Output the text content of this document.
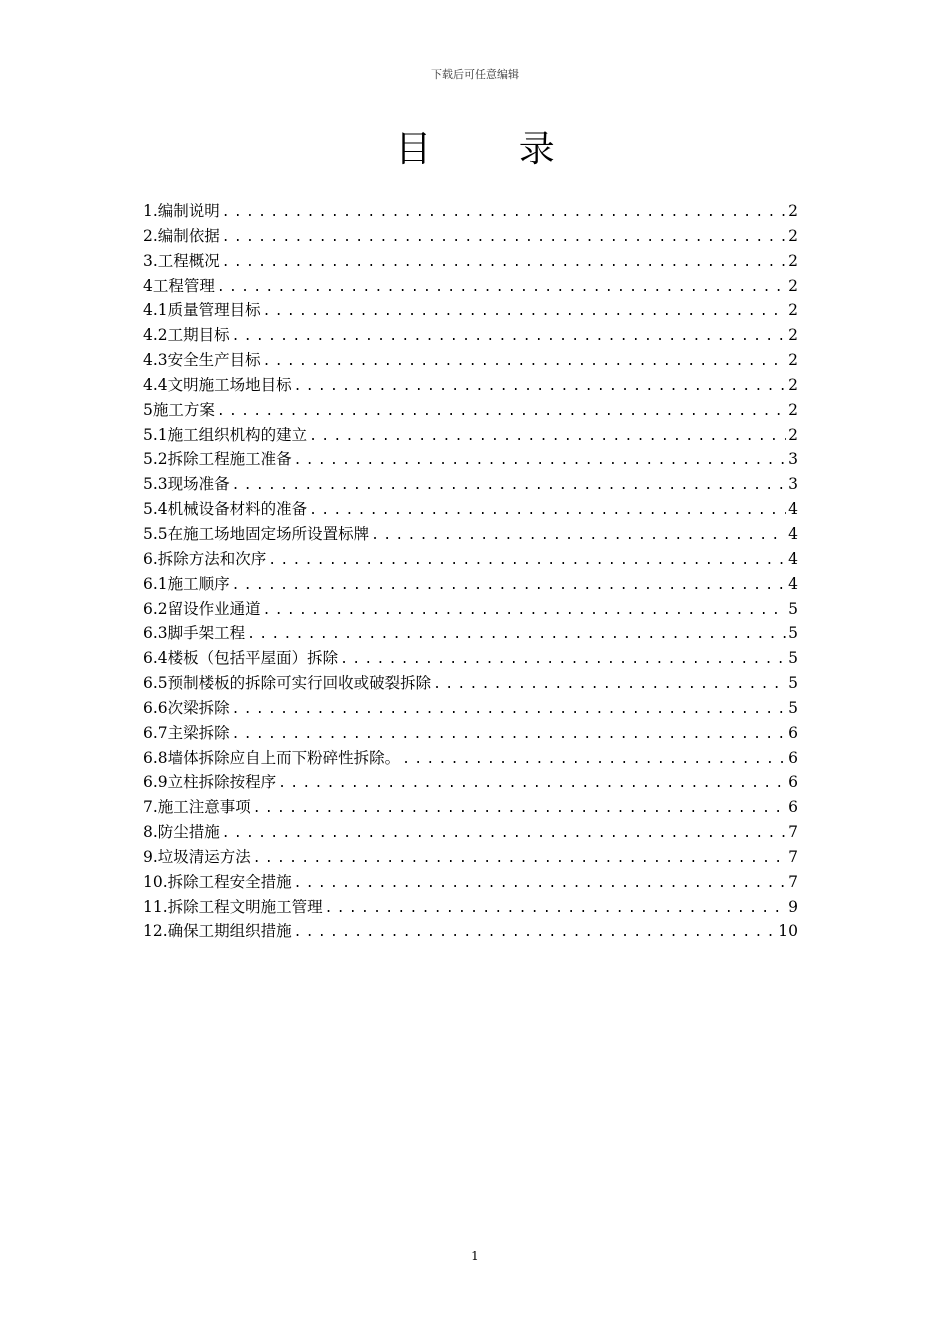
下载后可任意编辑
目 录
1.编制说明 .....	2
2.编制依据 .....	2
3.工程概况 .....	2
4工程管理 .....	2
4.1质量管理目标 .....	2
4.2工期目标 .....	2
4.3安全生产目标 .....	2
4.4文明施工场地目标 .....	2
5施工方案 .....	2
5.1施工组织机构的建立 .....	2
5.2拆除工程施工准备 .....	3
5.3现场准备 .....	3
5.4机械设备材料的准备 .....	4
5.5在施工场地固定场所设置标牌 .....	4
6.拆除方法和次序 .....	4
6.1施工顺序 .....	4
6.2留设作业通道 .....	5
6.3脚手架工程 .....	5
6.4楼板（包括平屋面）拆除 .....	5
6.5预制楼板的拆除可实行回收或破裂拆除 .....	5
6.6次梁拆除 .....	5
6.7主梁拆除 .....	6
6.8墙体拆除应自上而下粉碎性拆除。 .....	6
6.9立柱拆除按程序 .....	6
7.施工注意事项 .....	6
8.防尘措施 .....	7
9.垃圾清运方法 .....	7
10.拆除工程安全措施 .....	7
11.拆除工程文明施工管理 .....	9
12.确保工期组织措施 .....	10
1
